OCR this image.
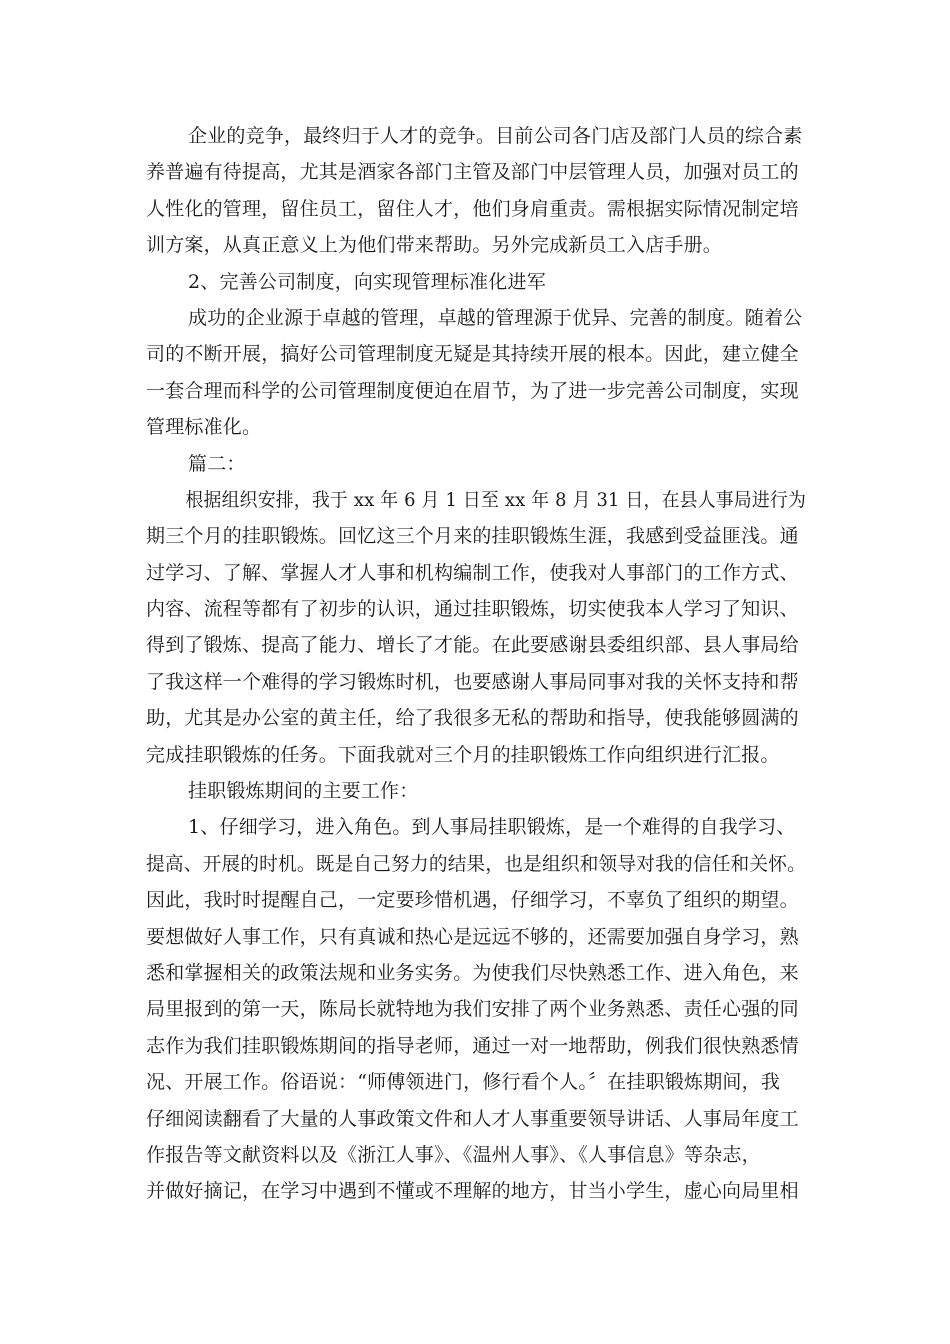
企业的竞争，最终归于人才的竞争。目前公司各门店及部门人员的综合素
养普遍有待提高，尤其是酒家各部门主管及部门中层管理人员，加强对员工的
人性化的管理，留住员工，留住人才，他们身肩重责。需根据实际情况制定培
训方案，从真正意义上为他们带来帮助。另外完成新员工入店手册。
2、完善公司制度，向实现管理标准化进军
成功的企业源于卓越的管理，卓越的管理源于优异、完善的制度。随着公
司的不断开展，搞好公司管理制度无疑是其持续开展的根本。因此，建立健全
一套合理而科学的公司管理制度便迫在眉节，为了进一步完善公司制度，实现
管理标准化。
篇二：
根据组织安排，我于 xx 年 6 月 1 日至 xx 年 8 月 31 日，在县人事局进行为
期三个月的挂职锻炼。回忆这三个月来的挂职锻炼生涯，我感到受益匪浅。通
过学习、了解、掌握人才人事和机构编制工作，使我对人事部门的工作方式、
内容、流程等都有了初步的认识，通过挂职锻炼，切实使我本人学习了知识、
得到了锻炼、提高了能力、增长了才能。在此要感谢县委组织部、县人事局给
了我这样一个难得的学习锻炼时机，也要感谢人事局同事对我的关怀支持和帮
助，尤其是办公室的黄主任，给了我很多无私的帮助和指导，使我能够圆满的
完成挂职锻炼的任务。下面我就对三个月的挂职锻炼工作向组织进行汇报。
挂职锻炼期间的主要工作：
1、仔细学习，进入角色。到人事局挂职锻炼，是一个难得的自我学习、
提高、开展的时机。既是自己努力的结果，也是组织和领导对我的信任和关怀。
因此，我时时提醒自己，一定要珍惜机遇，仔细学习，不辜负了组织的期望。
要想做好人事工作，只有真诚和热心是远远不够的，还需要加强自身学习，熟
悉和掌握相关的政策法规和业务实务。为使我们尽快熟悉工作、进入角色，来
局里报到的第一天，陈局长就特地为我们安排了两个业务熟悉、责任心强的同
志作为我们挂职锻炼期间的指导老师，通过一对一地帮助，例我们很快熟悉情
况、开展工作。俗语说：“师傅领进门，修行看个人。〞在挂职锻炼期间，我
仔细阅读翻看了大量的人事政策文件和人才人事重要领导讲话、人事局年度工
作报告等文献资料以及《浙江人事》、《温州人事》、《人事信息》等杂志，
并做好摘记，在学习中遇到不懂或不理解的地方，甘当小学生，虚心向局里相
